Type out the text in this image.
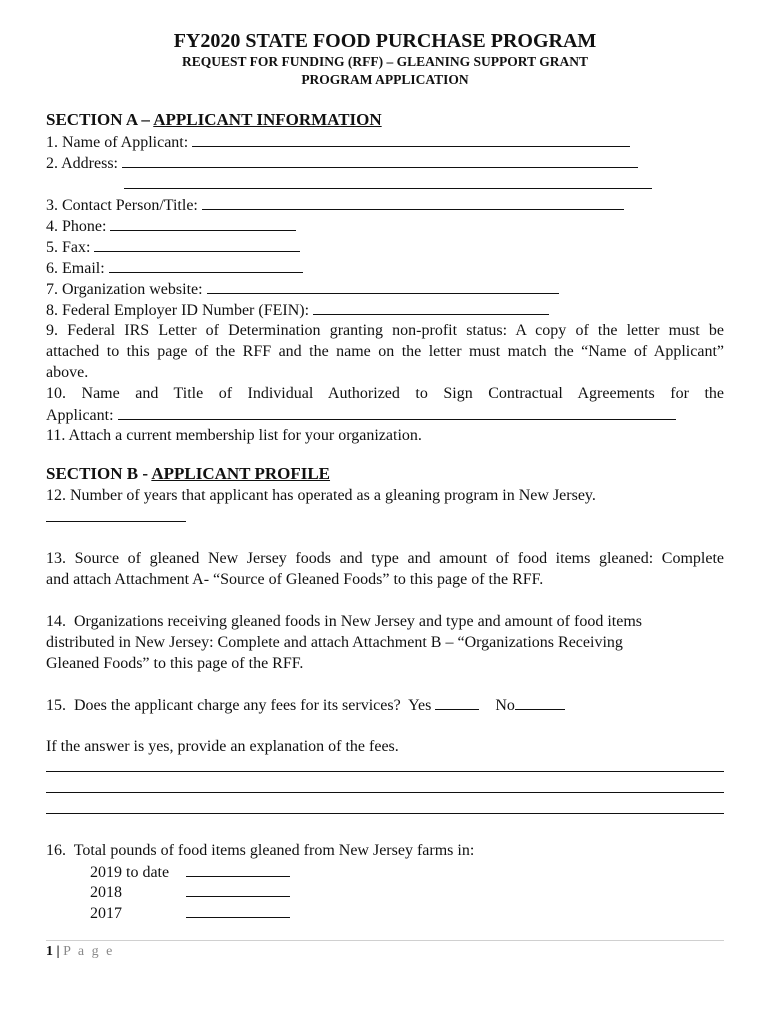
FY2020 STATE FOOD PURCHASE PROGRAM
REQUEST FOR FUNDING (RFF) – GLEANING SUPPORT GRANT
PROGRAM APPLICATION
SECTION A – APPLICANT INFORMATION
1. Name of Applicant:
2. Address:
3. Contact Person/Title:
4. Phone:
5. Fax:
6. Email:
7. Organization website:
8. Federal Employer ID Number (FEIN):
9. Federal IRS Letter of Determination granting non-profit status: A copy of the letter must be
attached to this page of the RFF and the name on the letter must match the “Name of Applicant”
above.
10. Name and Title of Individual Authorized to Sign Contractual Agreements for the
Applicant:
11. Attach a current membership list for your organization.
SECTION B - APPLICANT PROFILE
12. Number of years that applicant has operated as a gleaning program in New Jersey.
13. Source of gleaned New Jersey foods and type and amount of food items gleaned: Complete
and attach Attachment A- “Source of Gleaned Foods” to this page of the RFF.
14.  Organizations receiving gleaned foods in New Jersey and type and amount of food items
distributed in New Jersey: Complete and attach Attachment B – “Organizations Receiving
Gleaned Foods” to this page of the RFF.
15.  Does the applicant charge any fees for its services?  Yes	No
If the answer is yes, provide an explanation of the fees.
16.  Total pounds of food items gleaned from New Jersey farms in:
2019 to date
2018
2017
1 | P a g e
